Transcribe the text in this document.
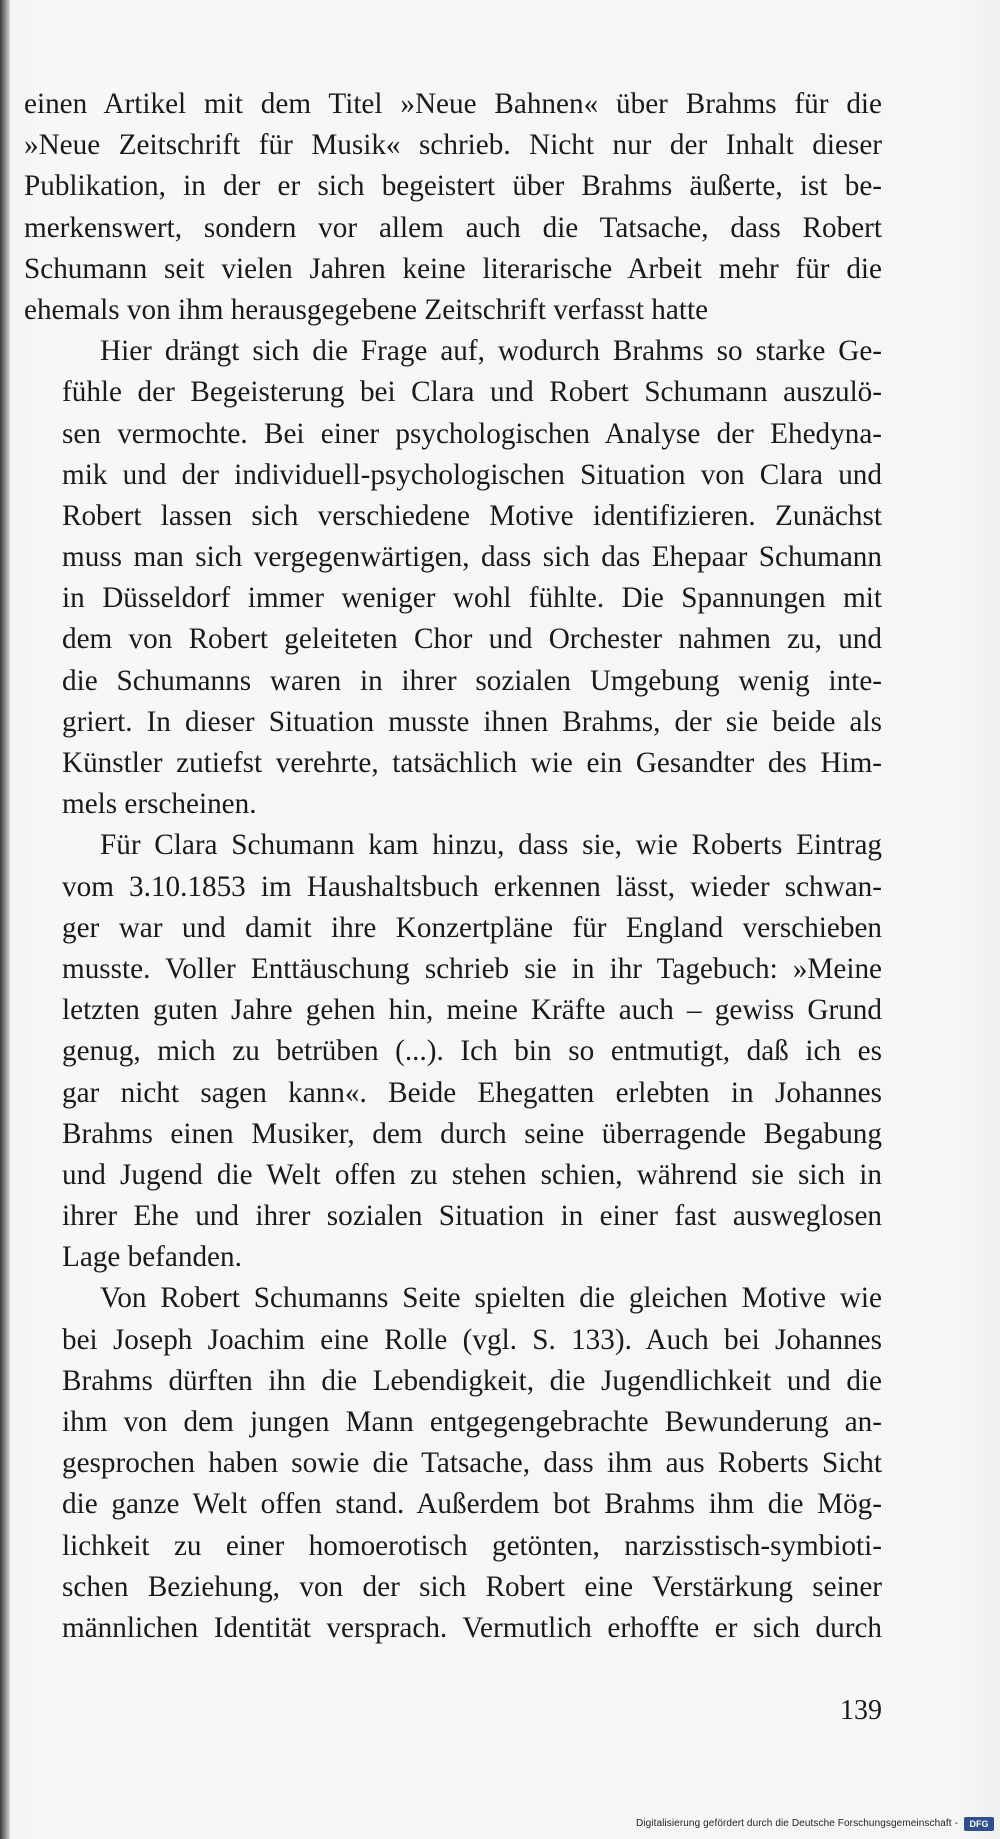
einen Artikel mit dem Titel »Neue Bahnen« über Brahms für die
»Neue Zeitschrift für Musik« schrieb. Nicht nur der Inhalt dieser
Publikation, in der er sich begeistert über Brahms äußerte, ist be-
merkenswert, sondern vor allem auch die Tatsache, dass Robert
Schumann seit vielen Jahren keine literarische Arbeit mehr für die
ehemals von ihm herausgegebene Zeitschrift verfasst hatte

Hier drängt sich die Frage auf, wodurch Brahms so starke Ge-
fühle der Begeisterung bei Clara und Robert Schumann auszulö-
sen vermochte. Bei einer psychologischen Analyse der Ehedyna-
mik und der individuell-psychologischen Situation von Clara und
Robert lassen sich verschiedene Motive identifizieren. Zunächst
muss man sich vergegenwärtigen, dass sich das Ehepaar Schumann
in Düsseldorf immer weniger wohl fühlte. Die Spannungen mit
dem von Robert geleiteten Chor und Orchester nahmen zu, und
die Schumanns waren in ihrer sozialen Umgebung wenig inte-
griert. In dieser Situation musste ihnen Brahms, der sie beide als
Künstler zutiefst verehrte, tatsächlich wie ein Gesandter des Him-
mels erscheinen.

Für Clara Schumann kam hinzu, dass sie, wie Roberts Eintrag
vom 3.10.1853 im Haushaltsbuch erkennen lässt, wieder schwan-
ger war und damit ihre Konzertpläne für England verschieben
musste. Voller Enttäuschung schrieb sie in ihr Tagebuch: »Meine
letzten guten Jahre gehen hin, meine Kräfte auch – gewiss Grund
genug, mich zu betrüben (...). Ich bin so entmutigt, daß ich es
gar nicht sagen kann«. Beide Ehegatten erlebten in Johannes
Brahms einen Musiker, dem durch seine überragende Begabung
und Jugend die Welt offen zu stehen schien, während sie sich in
ihrer Ehe und ihrer sozialen Situation in einer fast ausweglosen
Lage befanden.

Von Robert Schumanns Seite spielten die gleichen Motive wie
bei Joseph Joachim eine Rolle (vgl. S. 133). Auch bei Johannes
Brahms dürften ihn die Lebendigkeit, die Jugendlichkeit und die
ihm von dem jungen Mann entgegengebrachte Bewunderung an-
gesprochen haben sowie die Tatsache, dass ihm aus Roberts Sicht
die ganze Welt offen stand. Außerdem bot Brahms ihm die Mög-
lichkeit zu einer homoerotisch getönten, narzisstisch-symbioti-
schen Beziehung, von der sich Robert eine Verstärkung seiner
männlichen Identität versprach. Vermutlich erhoffte er sich durch

139
Digitalisierung gefördert durch die Deutsche Forschungsgemeinschaft -	DFG
